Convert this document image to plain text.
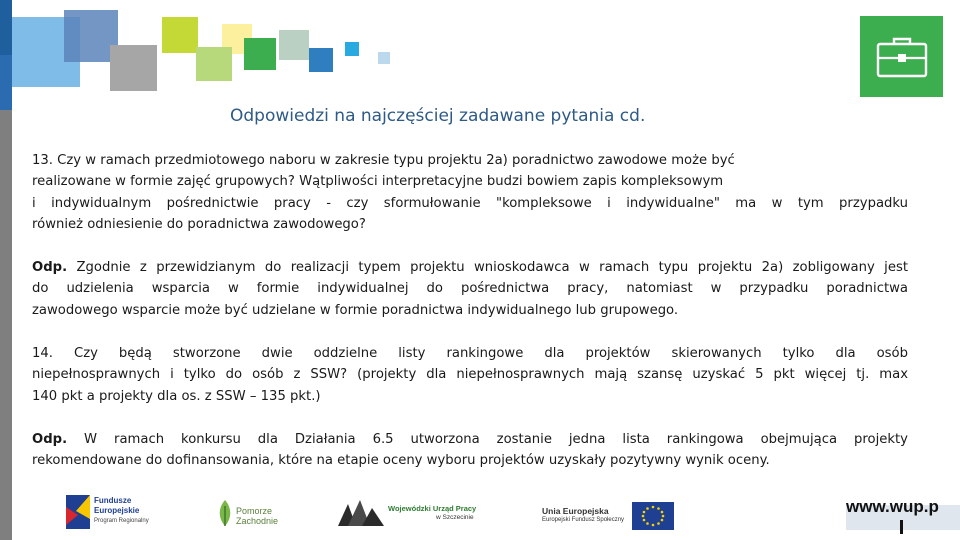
Odpowiedzi na najczęściej zadawane pytania cd.
13. Czy w ramach przedmiotowego naboru w zakresie typu projektu 2a) poradnictwo zawodowe może być
realizowane w formie zajęć grupowych? Wątpliwości interpretacyjne budzi bowiem zapis kompleksowym
i indywidualnym pośrednictwie pracy - czy sformułowanie "kompleksowe i indywidualne" ma w tym przypadku
również odniesienie do poradnictwa zawodowego?
Odp. Zgodnie z przewidzianym do realizacji typem projektu wnioskodawca w ramach typu projektu 2a) zobligowany jest
do udzielenia wsparcia w formie indywidualnej do pośrednictwa pracy, natomiast w przypadku poradnictwa
zawodowego wsparcie może być udzielane w formie poradnictwa indywidualnego lub grupowego.
14. Czy będą stworzone dwie oddzielne listy rankingowe dla projektów skierowanych tylko dla osób
niepełnosprawnych i tylko do osób z SSW? (projekty dla niepełnosprawnych mają szansę uzyskać 5 pkt więcej tj. max
140 pkt a projekty dla os. z SSW – 135 pkt.)
Odp. W ramach konkursu dla Działania 6.5 utworzona zostanie jedna lista rankingowa obejmująca projekty
rekomendowane do dofinansowania, które na etapie oceny wyboru projektów uzyskały pozytywny wynik oceny.
Fundusze
Europejskie
Program Regionalny
Pomorze
Zachodnie
Wojewódzki Urząd Pracy
w Szczecinie
Unia Europejska
Europejski Fundusz Społeczny
www.wup.p
